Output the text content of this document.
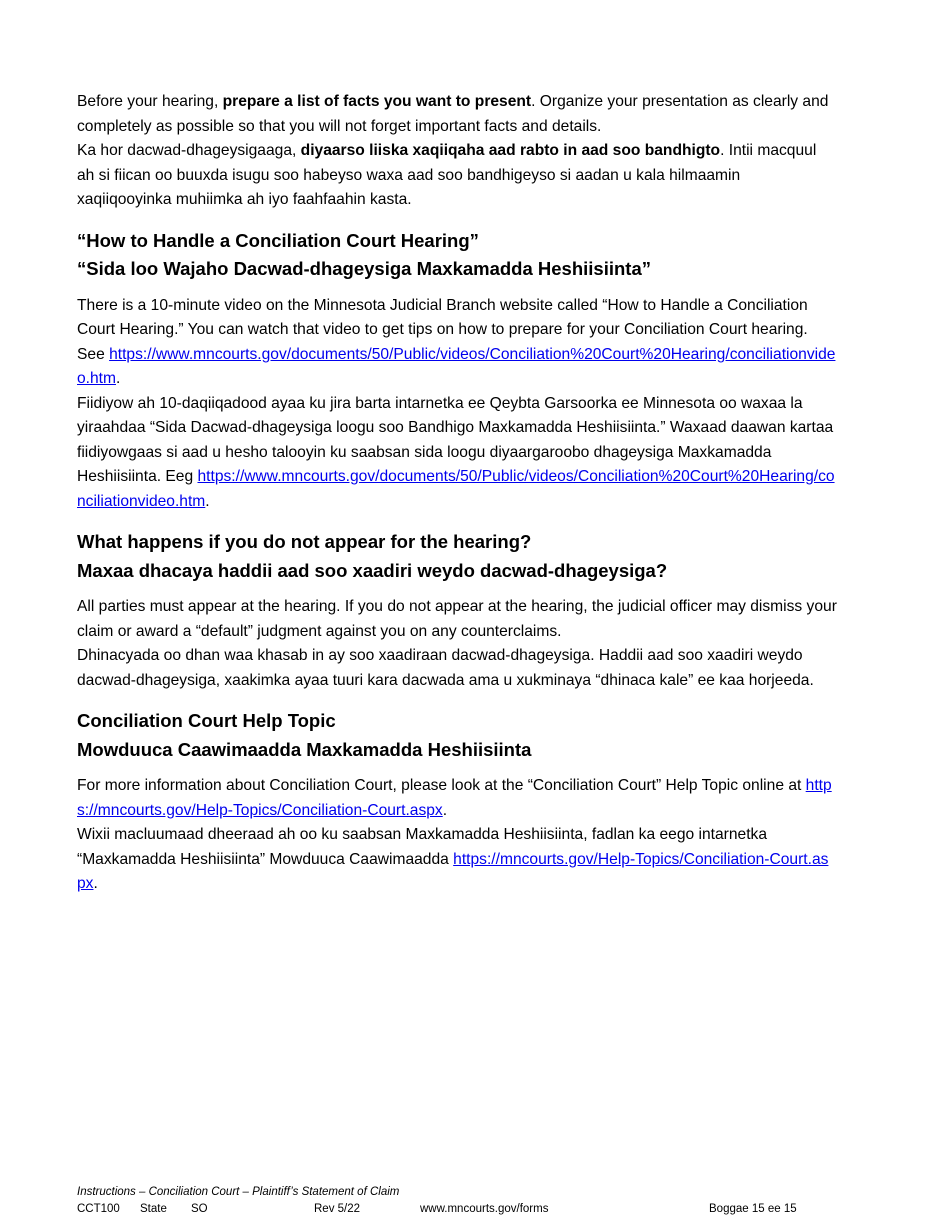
Before your hearing, prepare a list of facts you want to present. Organize your presentation as clearly and completely as possible so that you will not forget important facts and details.

Ka hor dacwad-dhageysigaaga, diyaarso liiska xaqiiqaha aad rabto in aad soo bandhigto. Intii macquul ah si fiican oo buuxda isugu soo habeyso waxa aad soo bandhigeyso si aadan u kala hilmaamin xaqiiqooyinka muhiimka ah iyo faahfaahin kasta.

“How to Handle a Conciliation Court Hearing”
“Sida loo Wajaho Dacwad-dhageysiga Maxkamadda Heshiisiinta”

There is a 10-minute video on the Minnesota Judicial Branch website called “How to Handle a Conciliation Court Hearing.” You can watch that video to get tips on how to prepare for your Conciliation Court hearing. See https://www.mncourts.gov/documents/50/Public/videos/Conciliation%20Court%20Hearing/conciliationvideo.htm.

Fiidiyow ah 10-daqiiqadood ayaa ku jira barta intarnetka ee Qeybta Garsoorka ee Minnesota oo waxaa la yiraahdaa “Sida Dacwad-dhageysiga loogu soo Bandhigo Maxkamadda Heshiisiinta.” Waxaad daawan kartaa fiidiyowgaas si aad u hesho talooyin ku saabsan sida loogu diyaargaroobo dhageysiga Maxkamadda Heshiisiinta. Eeg https://www.mncourts.gov/documents/50/Public/videos/Conciliation%20Court%20Hearing/conciliationvideo.htm.

What happens if you do not appear for the hearing?
Maxaa dhacaya haddii aad soo xaadiri weydo dacwad-dhageysiga?

All parties must appear at the hearing. If you do not appear at the hearing, the judicial officer may dismiss your claim or award a “default” judgment against you on any counterclaims.

Dhinacyada oo dhan waa khasab in ay soo xaadiraan dacwad-dhageysiga. Haddii aad soo xaadiri weydo dacwad-dhageysiga, xaakimka ayaa tuuri kara dacwada ama u xukminaya “dhinaca kale” ee kaa horjeeda.

Conciliation Court Help Topic
Mowduuca Caawimaadda Maxkamadda Heshiisiinta

For more information about Conciliation Court, please look at the “Conciliation Court” Help Topic online at https://mncourts.gov/Help-Topics/Conciliation-Court.aspx.

Wixii macluumaad dheeraad ah oo ku saabsan Maxkamadda Heshiisiinta, fadlan ka eego intarnetka “Maxkamadda Heshiisiinta” Mowduuca Caawimaadda https://mncourts.gov/Help-Topics/Conciliation-Court.aspx.

Instructions – Conciliation Court – Plaintiff’s Statement of Claim
CCT100 State SO	Rev 5/22	www.mncourts.gov/forms	Boggae 15 ee 15
